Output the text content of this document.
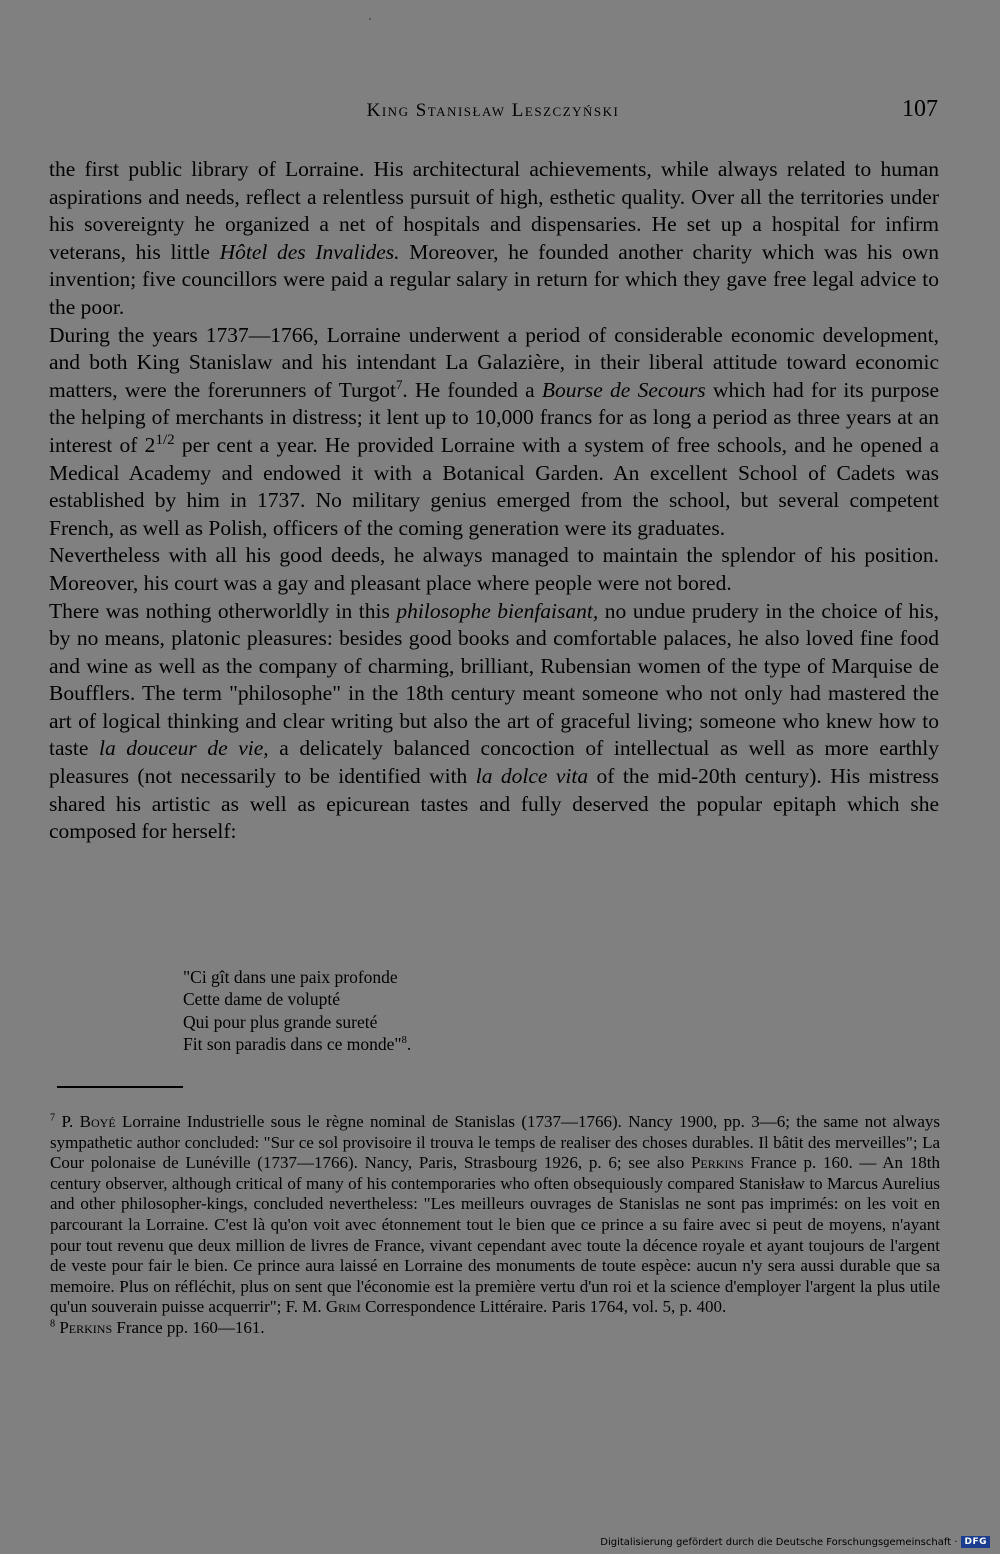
King Stanisław Leszczyński	107

the first public library of Lorraine. His architectural achievements, while always related to human aspirations and needs, reflect a relentless pursuit of high, esthetic quality. Over all the territories under his sovereignty he organized a net of hospitals and dispensaries. He set up a hospital for infirm veterans, his little Hôtel des Invalides. Moreover, he founded another charity which was his own invention; five councillors were paid a regular salary in return for which they gave free legal advice to the poor.

During the years 1737—1766, Lorraine underwent a period of considerable economic development, and both King Stanislaw and his intendant La Galazière, in their liberal attitude toward economic matters, were the forerunners of Turgot$^7$. He founded a Bourse de Secours which had for its purpose the helping of merchants in distress; it lent up to 10,000 francs for as long a period as three years at an interest of $2^{1/2}$ per cent a year. He provided Lorraine with a system of free schools, and he opened a Medical Academy and endowed it with a Botanical Garden. An excellent School of Cadets was established by him in 1737. No military genius emerged from the school, but several competent French, as well as Polish, officers of the coming generation were its graduates.

Nevertheless with all his good deeds, he always managed to maintain the splendor of his position. Moreover, his court was a gay and pleasant place where people were not bored.

There was nothing otherworldly in this philosophe bienfaisant, no undue prudery in the choice of his, by no means, platonic pleasures: besides good books and comfortable palaces, he also loved fine food and wine as well as the company of charming, brilliant, Rubensian women of the type of Marquise de Boufflers. The term "philosophe" in the 18th century meant someone who not only had mastered the art of logical thinking and clear writing but also the art of graceful living; someone who knew how to taste la douceur de vie, a delicately balanced concoction of intellectual as well as more earthly pleasures (not necessarily to be identified with la dolce vita of the mid-20th century). His mistress shared his artistic as well as epicurean tastes and fully deserved the popular epitaph which she composed for herself:

"Ci gît dans une paix profonde
Cette dame de volupté
Qui pour plus grande sureté
Fit son paradis dans ce monde"$^8$.

$^7$ P. Boyé Lorraine Industrielle sous le règne nominal de Stanislas (1737—1766). Nancy 1900, pp. 3—6; the same not always sympathetic author concluded: "Sur ce sol provisoire il trouva le temps de realiser des choses durables. Il bâtit des merveilles"; La Cour polonaise de Lunéville (1737—1766). Nancy, Paris, Strasbourg 1926, p. 6; see also Perkins France p. 160. — An 18th century observer, although critical of many of his contemporaries who often obsequiously compared Stanisław to Marcus Aurelius and other philosopher-kings, concluded nevertheless: "Les meilleurs ouvrages de Stanislas ne sont pas imprimés: on les voit en parcourant la Lorraine. C'est là qu'on voit avec étonnement tout le bien que ce prince a su faire avec si peut de moyens, n'ayant pour tout revenu que deux million de livres de France, vivant cependant avec toute la décence royale et ayant toujours de l'argent de veste pour fair le bien. Ce prince aura laissé en Lorraine des monuments de toute espèce: aucun n'y sera aussi durable que sa memoire. Plus on réfléchit, plus on sent que l'économie est la première vertu d'un roi et la science d'employer l'argent la plus utile qu'un souverain puisse acquerrir"; F. M. Grim Correspondence Littéraire. Paris 1764, vol. 5, p. 400.

$^8$ Perkins France pp. 160—161.

Digitalisierung gefördert durch die Deutsche Forschungsgemeinschaft · DFG
